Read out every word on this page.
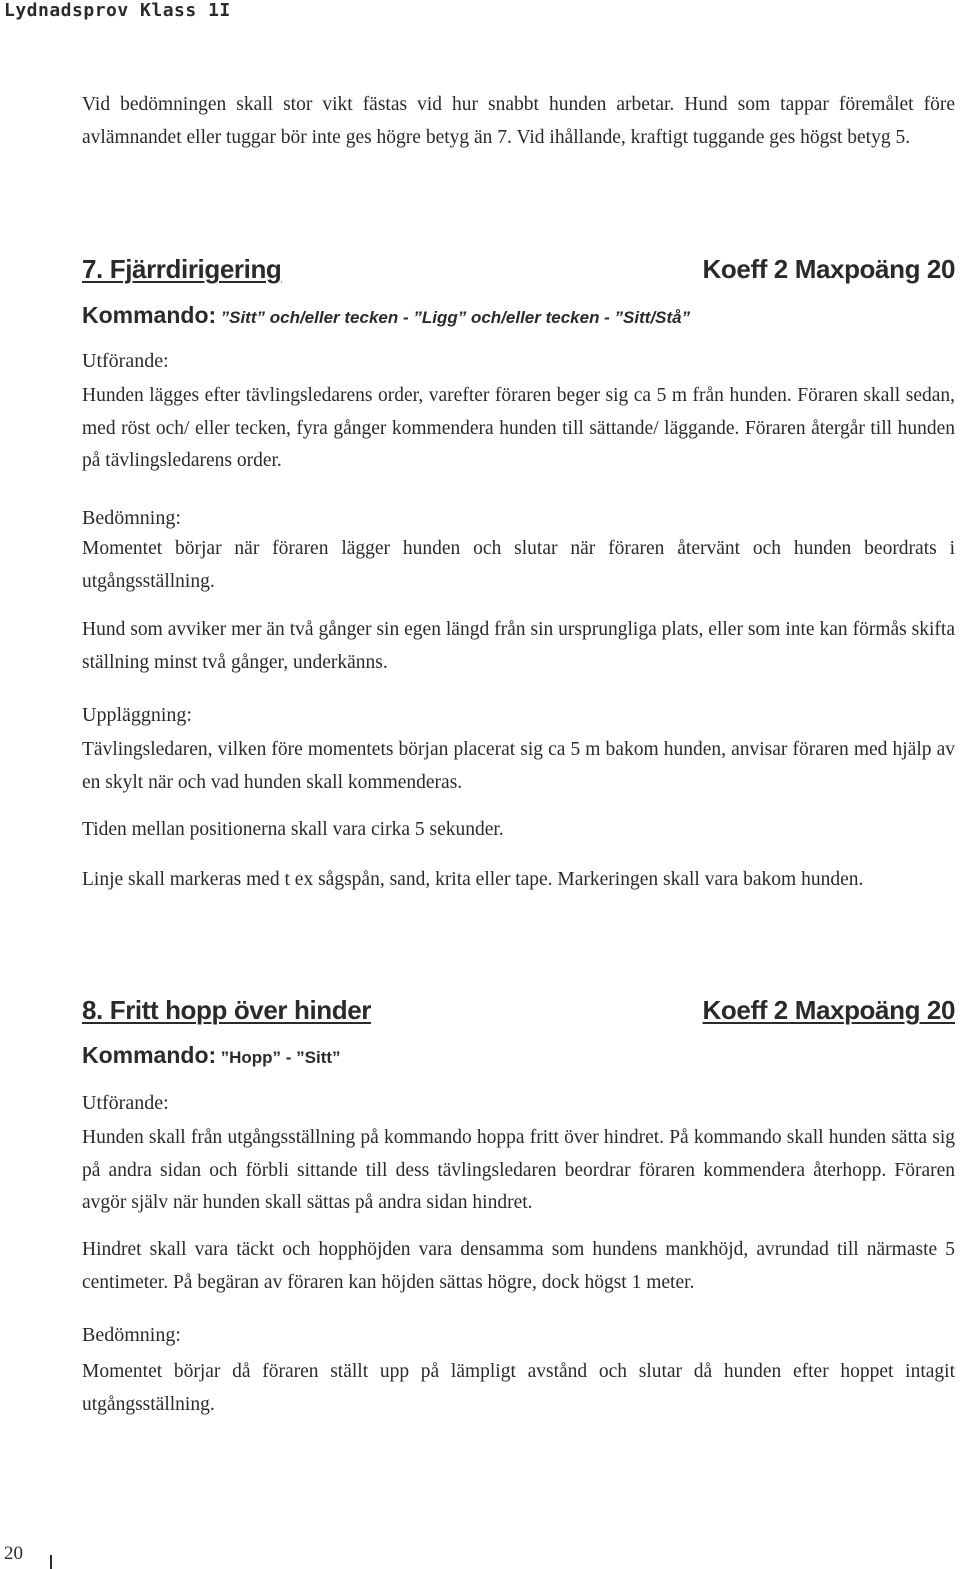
Lydnadsprov Klass 1I

Vid bedömningen skall stor vikt fästas vid hur snabbt hunden arbetar. Hund som tappar föremålet före avlämnandet eller tuggar bör inte ges högre betyg än 7. Vid ihållande, kraftigt tuggande ges högst betyg 5.

7. Fjärrdirigering	Koeff 2 Maxpoäng 20
Kommando: ”Sitt” och/eller tecken - ”Ligg” och/eller tecken - ”Sitt/Stå”
Utförande:

Hunden lägges efter tävlingsledarens order, varefter föraren beger sig ca 5 m från hunden. Föraren skall sedan, med röst och/ eller tecken, fyra gånger kommendera hunden till sättande/ läggande. Föraren återgår till hunden på tävlingsledarens order.

Bedömning:

Momentet börjar när föraren lägger hunden och slutar när föraren återvänt och hunden beordrats i utgångsställning.

Hund som avviker mer än två gånger sin egen längd från sin ursprungliga plats, eller som inte kan förmås skifta ställning minst två gånger, underkänns.

Uppläggning:

Tävlingsledaren, vilken före momentets början placerat sig ca 5 m bakom hunden, anvisar föraren med hjälp av en skylt när och vad hunden skall kommenderas.

Tiden mellan positionerna skall vara cirka 5 sekunder.

Linje skall markeras med t ex sågspån, sand, krita eller tape. Markeringen skall vara bakom hunden.

8. Fritt hopp över hinder	Koeff 2 Maxpoäng 20
Kommando: ”Hopp” - ”Sitt”
Utförande:

Hunden skall från utgångsställning på kommando hoppa fritt över hindret. På kommando skall hunden sätta sig på andra sidan och förbli sittande till dess tävlingsledaren beordrar föraren kommendera återhopp. Föraren avgör själv när hunden skall sättas på andra sidan hindret.

Hindret skall vara täckt och hopphöjden vara densamma som hundens mankhöjd, avrundad till närmaste 5 centimeter. På begäran av föraren kan höjden sättas högre, dock högst 1 meter.

Bedömning:

Momentet börjar då föraren ställt upp på lämpligt avstånd och slutar då hunden efter hoppet intagit utgångsställning.

20
